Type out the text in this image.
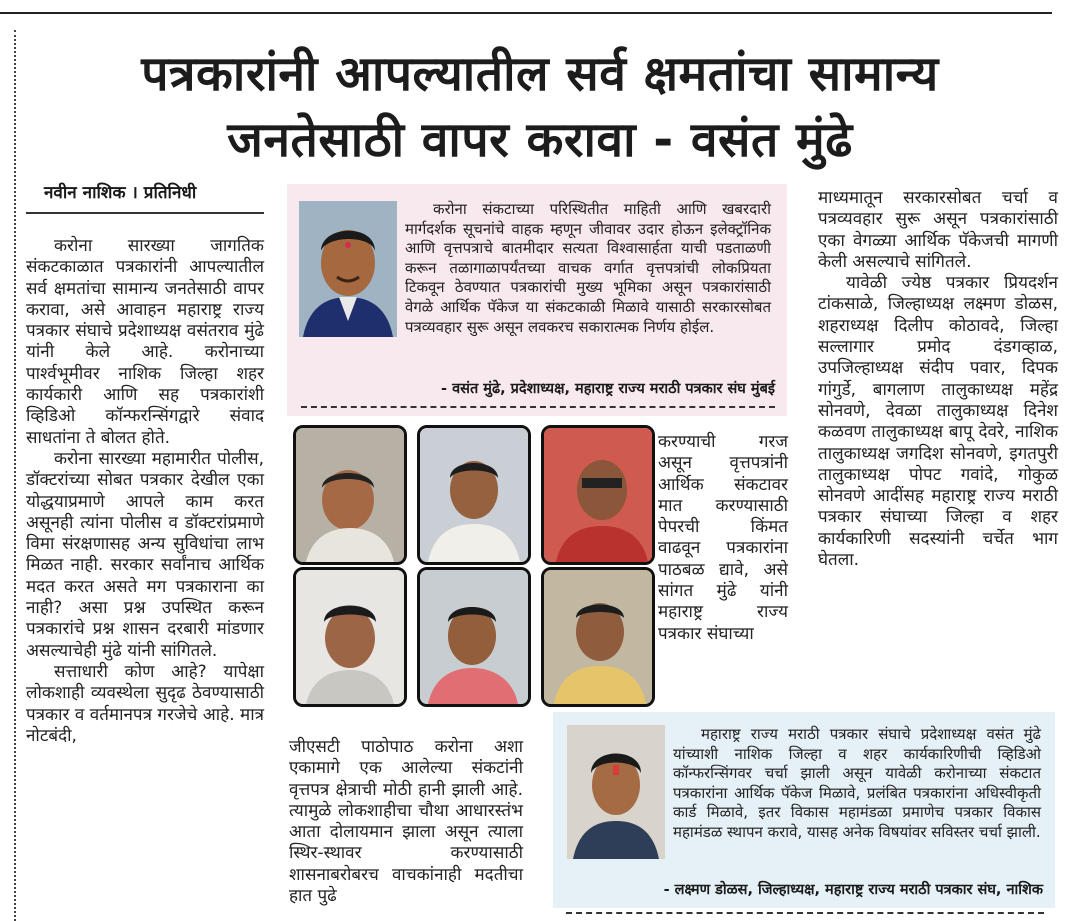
पत्रकारांनी आपल्यातील सर्व क्षमतांचा सामान्य
जनतेसाठी वापर करावा - वसंत मुंढे
नवीन नाशिक । प्रतिनिधी

करोना सारख्या जागतिक संकटकाळात पत्रकारांनी आपल्यातील सर्व क्षमतांचा सामान्य जनतेसाठी वापर करावा, असे आवाहन महाराष्ट्र राज्य पत्रकार संघाचे प्रदेशाध्यक्ष वसंतराव मुंढे यांनी केले आहे. करोनाच्या पार्श्वभूमीवर नाशिक जिल्हा शहर कार्यकारी आणि सह पत्रकारांशी व्हिडिओ कॉन्फरन्सिंगद्वारे संवाद साधतांना ते बोलत होते.

करोना सारख्या महामारीत पोलीस, डॉक्टरांच्या सोबत पत्रकार देखील एका योद्धयाप्रमाणे आपले काम करत असूनही त्यांना पोलीस व डॉक्टरांप्रमाणे विमा संरक्षणासह अन्य सुविधांचा लाभ मिळत नाही. सरकार सर्वांनाच आर्थिक मदत करत असते मग पत्रकाराना का नाही? असा प्रश्न उपस्थित करून पत्रकारांचे प्रश्न शासन दरबारी मांडणार असल्याचेही मुंढे यांनी सांगितले.

सत्ताधारी कोण आहे? यापेक्षा लोकशाही व्यवस्थेला सुदृढ ठेवण्यासाठी पत्रकार व वर्तमानपत्र गरजेचे आहे. मात्र नोटबंदी,

करोना संकटाच्या परिस्थितीत माहिती आणि खबरदारी मार्गदर्शक सूचनांचे वाहक म्हणून जीवावर उदार होऊन इलेक्ट्रॉनिक आणि वृत्तपत्राचे बातमीदार सत्यता विश्वासार्हता याची पडताळणी करून तळागाळापर्यंतच्या वाचक वर्गात वृत्तपत्रांची लोकप्रियता टिकवून ठेवण्यात पत्रकारांची मुख्य भूमिका असून पत्रकारांसाठी वेगळे आर्थिक पॅकेज या संकटकाळी मिळावे यासाठी सरकारसोबत पत्रव्यवहार सुरू असून लवकरच सकारात्मक निर्णय होईल.
- वसंत मुंढे, प्रदेशाध्यक्ष, महाराष्ट्र राज्य मराठी पत्रकार संघ मुंबई
करण्याची गरज असून वृत्तपत्रांनी आर्थिक संकटावर मात करण्यासाठी पेपरची किंमत वाढवून पत्रकारांना पाठबळ द्यावे, असे सांगत मुंढे यांनी महाराष्ट्र राज्य पत्रकार संघाच्या

माध्यमातून सरकारसोबत चर्चा व पत्रव्यवहार सुरू असून पत्रकारांसाठी एका वेगळ्या आर्थिक पॅकेजची मागणी केली असल्याचे सांगितले.

यावेळी ज्येष्ठ पत्रकार प्रियदर्शन टांकसाळे, जिल्हाध्यक्ष लक्ष्मण डोळस, शहराध्यक्ष दिलीप कोठावदे, जिल्हा सल्लागार प्रमोद दंडगव्हाळ, उपजिल्हाध्यक्ष संदीप पवार, दिपक गांगुर्डे, बागलाण तालुकाध्यक्ष महेंद्र सोनवणे, देवळा तालुकाध्यक्ष दिनेश कळवण तालुकाध्यक्ष बापू देवरे, नाशिक तालुकाध्यक्ष जगदिश सोनवणे, इगतपुरी तालुकाध्यक्ष पोपट गवांदे, गोकुळ सोनवणे आदींसह महाराष्ट्र राज्य मराठी पत्रकार संघाच्या जिल्हा व शहर कार्यकारिणी सदस्यांनी चर्चेत भाग घेतला.

जीएसटी पाठोपाठ करोना अशा एकामागे एक आलेल्या संकटांनी वृत्तपत्र क्षेत्राची मोठी हानी झाली आहे. त्यामुळे लोकशाहीचा चौथा आधारस्तंभ आता दोलायमान झाला असून त्याला स्थिर-स्थावर करण्यासाठी शासनाबरोबरच वाचकांनाही मदतीचा हात पुढे
महाराष्ट्र राज्य मराठी पत्रकार संघाचे प्रदेशाध्यक्ष वसंत मुंढे यांच्याशी नाशिक जिल्हा व शहर कार्यकारिणीची व्हिडिओ कॉन्फरन्सिंगवर चर्चा झाली असून यावेळी करोनाच्या संकटात पत्रकारांना आर्थिक पॅकेज मिळावे, प्रलंबित पत्रकारांना अधिस्वीकृती कार्ड मिळावे, इतर विकास महामंडळा प्रमाणेच पत्रकार विकास महामंडळ स्थापन करावे, यासह अनेक विषयांवर सविस्तर चर्चा झाली.
- लक्ष्मण डोळस, जिल्हाध्यक्ष, महाराष्ट्र राज्य मराठी पत्रकार संघ, नाशिक
